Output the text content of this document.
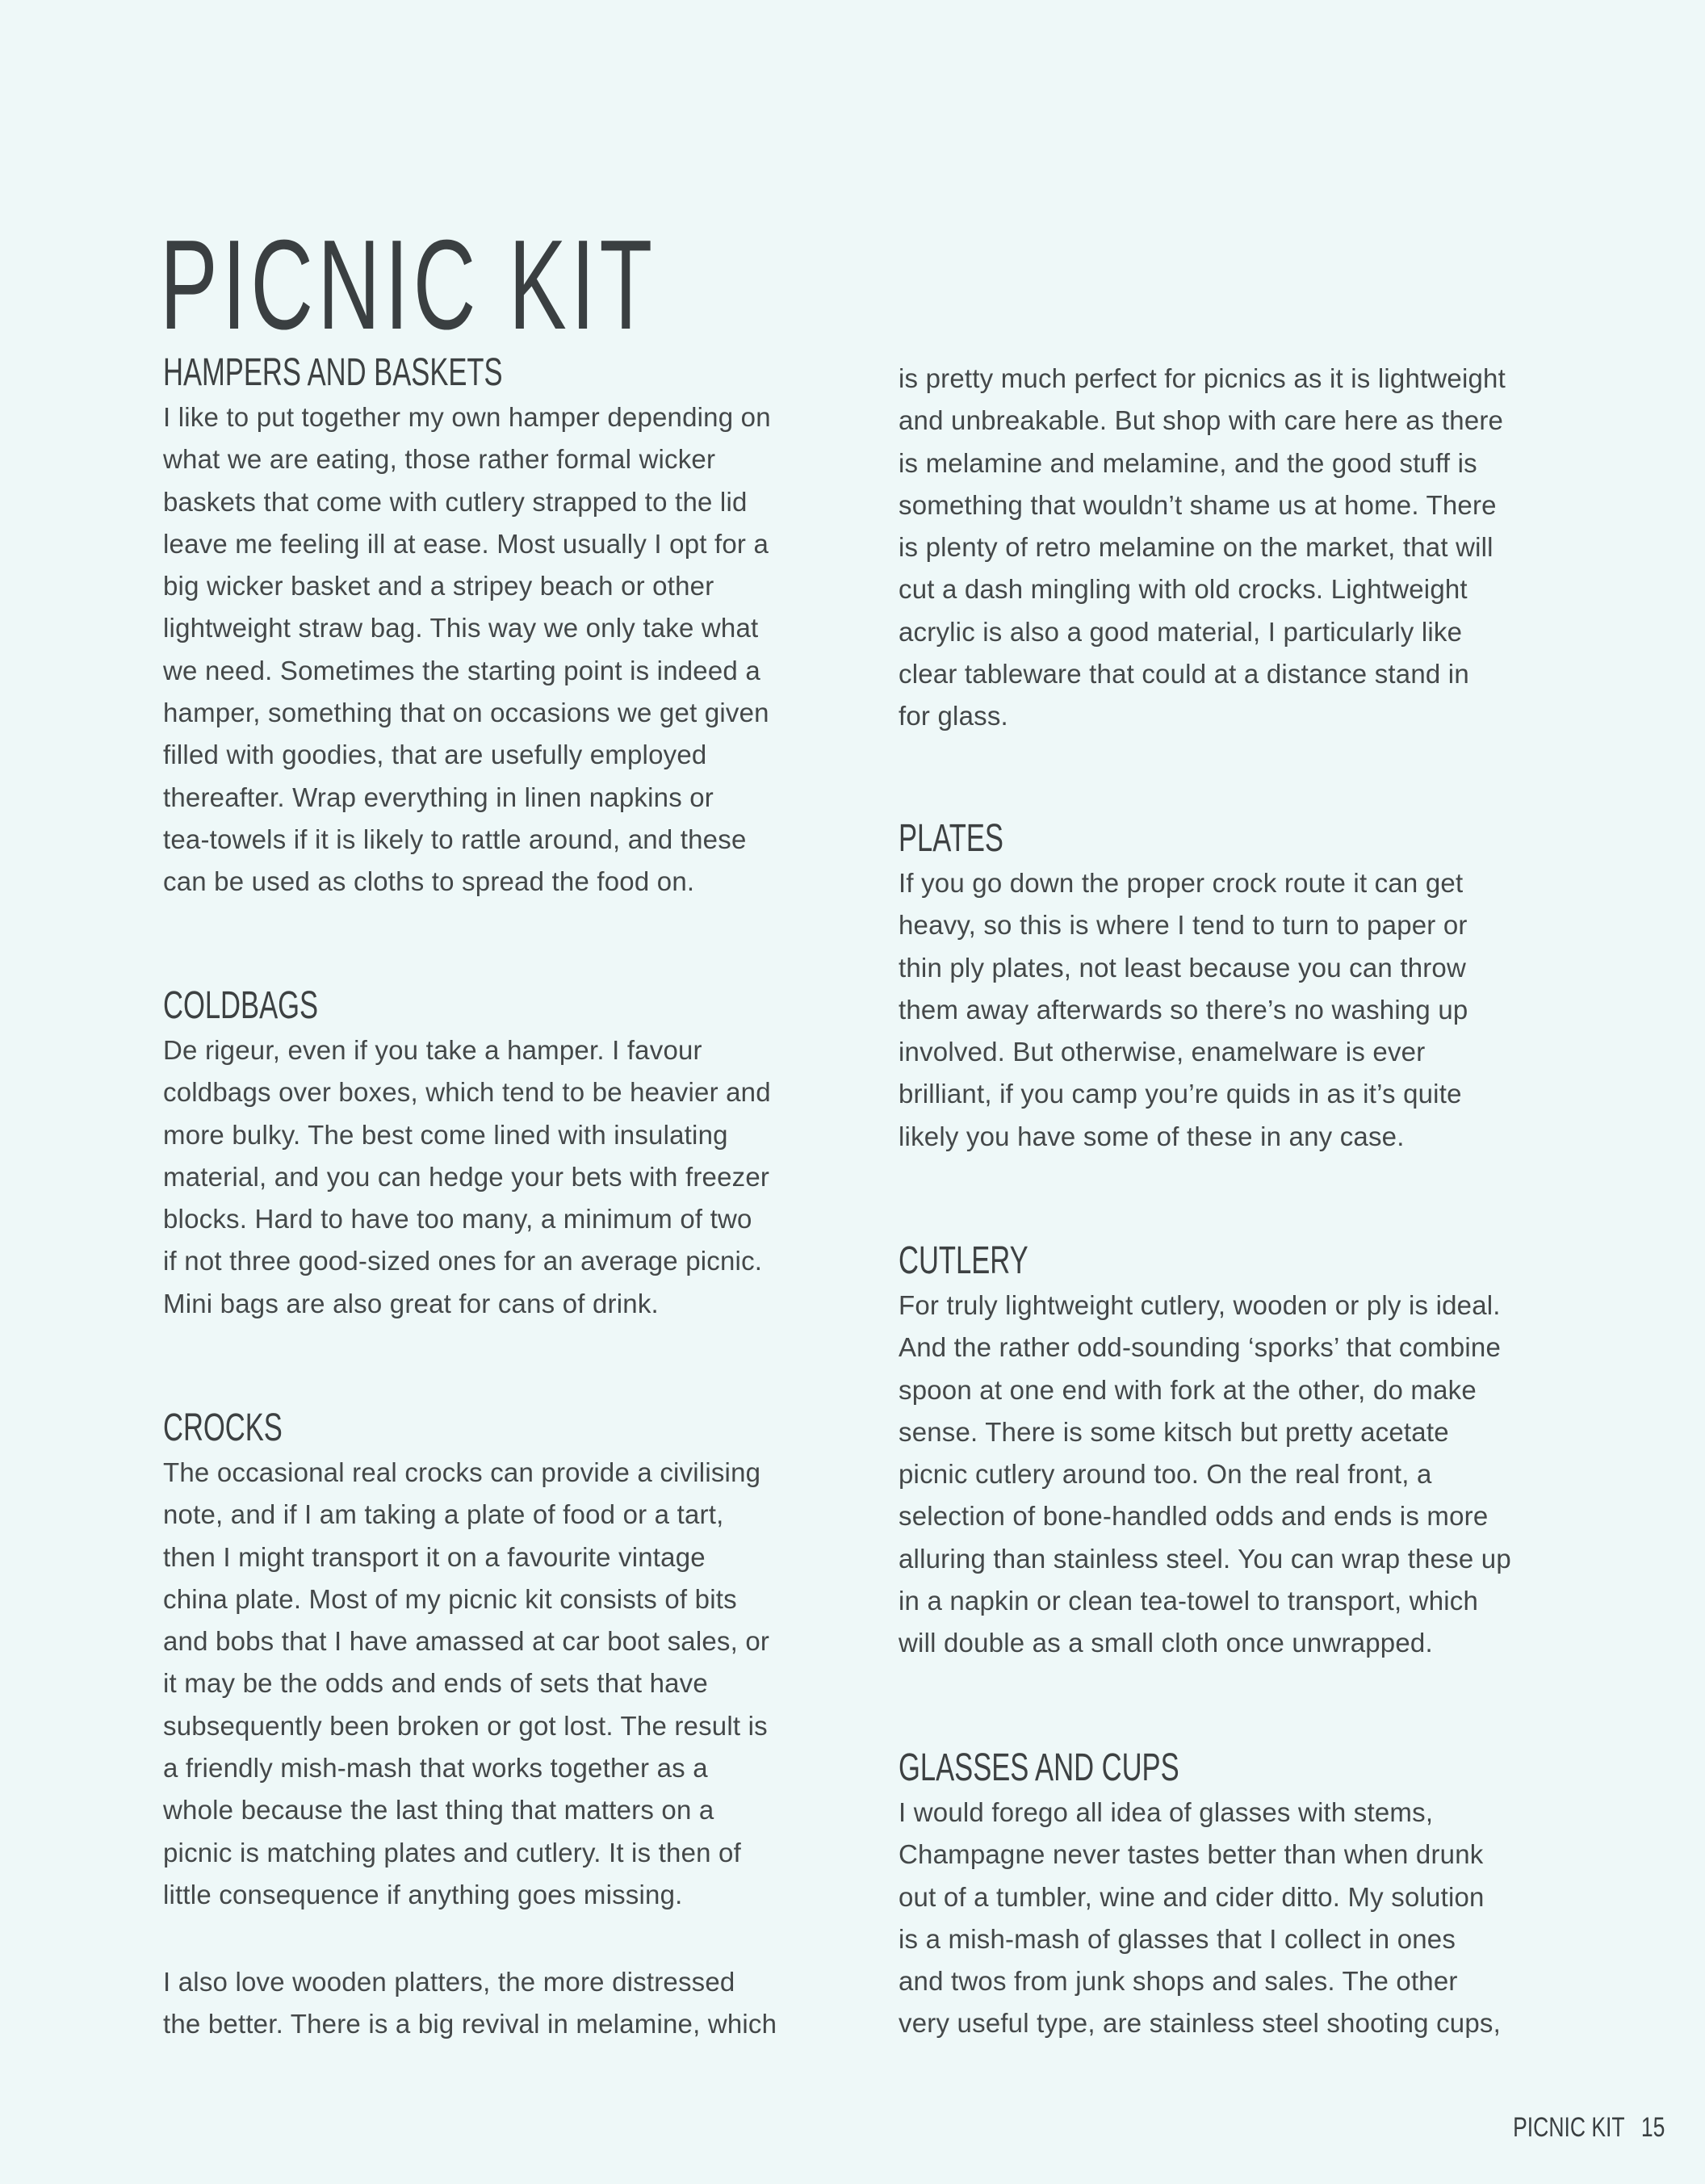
PICNIC KIT
HAMPERS AND BASKETS
I like to put together my own hamper depending on
what we are eating, those rather formal wicker
baskets that come with cutlery strapped to the lid
leave me feeling ill at ease. Most usually I opt for a
big wicker basket and a stripey beach or other
lightweight straw bag. This way we only take what
we need. Sometimes the starting point is indeed a
hamper, something that on occasions we get given
filled with goodies, that are usefully employed
thereafter. Wrap everything in linen napkins or
tea-towels if it is likely to rattle around, and these
can be used as cloths to spread the food on.
COLDBAGS
De rigeur, even if you take a hamper. I favour
coldbags over boxes, which tend to be heavier and
more bulky. The best come lined with insulating
material, and you can hedge your bets with freezer
blocks. Hard to have too many, a minimum of two
if not three good-sized ones for an average picnic.
Mini bags are also great for cans of drink.
CROCKS
The occasional real crocks can provide a civilising
note, and if I am taking a plate of food or a tart,
then I might transport it on a favourite vintage
china plate. Most of my picnic kit consists of bits
and bobs that I have amassed at car boot sales, or
it may be the odds and ends of sets that have
subsequently been broken or got lost. The result is
a friendly mish-mash that works together as a
whole because the last thing that matters on a
picnic is matching plates and cutlery. It is then of
little consequence if anything goes missing.
I also love wooden platters, the more distressed
the better. There is a big revival in melamine, which
is pretty much perfect for picnics as it is lightweight
and unbreakable. But shop with care here as there
is melamine and melamine, and the good stuff is
something that wouldn’t shame us at home. There
is plenty of retro melamine on the market, that will
cut a dash mingling with old crocks. Lightweight
acrylic is also a good material, I particularly like
clear tableware that could at a distance stand in
for glass.
PLATES
If you go down the proper crock route it can get
heavy, so this is where I tend to turn to paper or
thin ply plates, not least because you can throw
them away afterwards so there’s no washing up
involved. But otherwise, enamelware is ever
brilliant, if you camp you’re quids in as it’s quite
likely you have some of these in any case.
CUTLERY
For truly lightweight cutlery, wooden or ply is ideal.
And the rather odd-sounding ‘sporks’ that combine
spoon at one end with fork at the other, do make
sense. There is some kitsch but pretty acetate
picnic cutlery around too. On the real front, a
selection of bone-handled odds and ends is more
alluring than stainless steel. You can wrap these up
in a napkin or clean tea-towel to transport, which
will double as a small cloth once unwrapped.
GLASSES AND CUPS
I would forego all idea of glasses with stems,
Champagne never tastes better than when drunk
out of a tumbler, wine and cider ditto. My solution
is a mish-mash of glasses that I collect in ones
and twos from junk shops and sales. The other
very useful type, are stainless steel shooting cups,
PICNIC KIT 15
